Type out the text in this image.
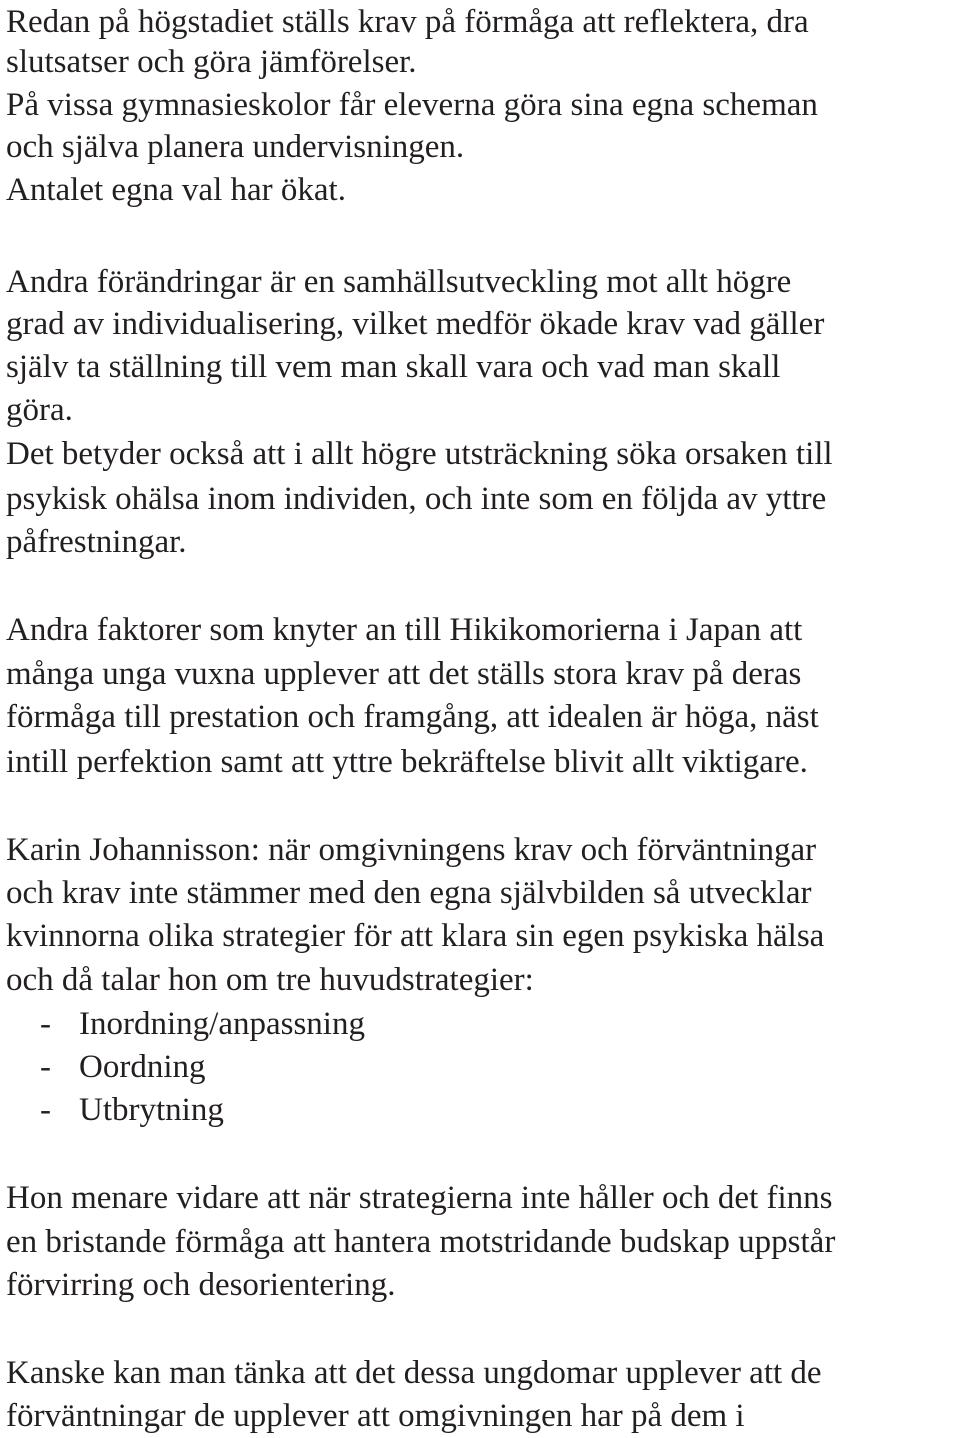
Redan på högstadiet ställs krav på förmåga att reflektera, dra

slutsatser och göra jämförelser.

På vissa gymnasieskolor får eleverna göra sina egna scheman

och själva planera undervisningen.

Antalet egna val har ökat.

Andra förändringar är en samhällsutveckling mot allt högre

grad av individualisering, vilket medför ökade krav vad gäller

själv ta ställning till vem man skall vara och vad man skall

göra.

Det betyder också att i allt högre utsträckning söka orsaken till

psykisk ohälsa inom individen, och inte som en följda av yttre

påfrestningar.

Andra faktorer som knyter an till Hikikomorierna i Japan att

många unga vuxna upplever att det ställs stora krav på deras

förmåga till prestation och framgång, att idealen är höga, näst

intill perfektion samt att yttre bekräftelse blivit allt viktigare.

Karin Johannisson: när omgivningens krav och förväntningar

och krav inte stämmer med den egna självbilden så utvecklar

kvinnorna olika strategier för att klara sin egen psykiska hälsa

och då talar hon om tre huvudstrategier:

- Inordning/anpassning
- Oordning
- Utbrytning

Hon menare vidare att när strategierna inte håller och det finns

en bristande förmåga att hantera motstridande budskap uppstår

förvirring och desorientering.

Kanske kan man tänka att det dessa ungdomar upplever att de

förväntningar de upplever att omgivningen har på dem i
